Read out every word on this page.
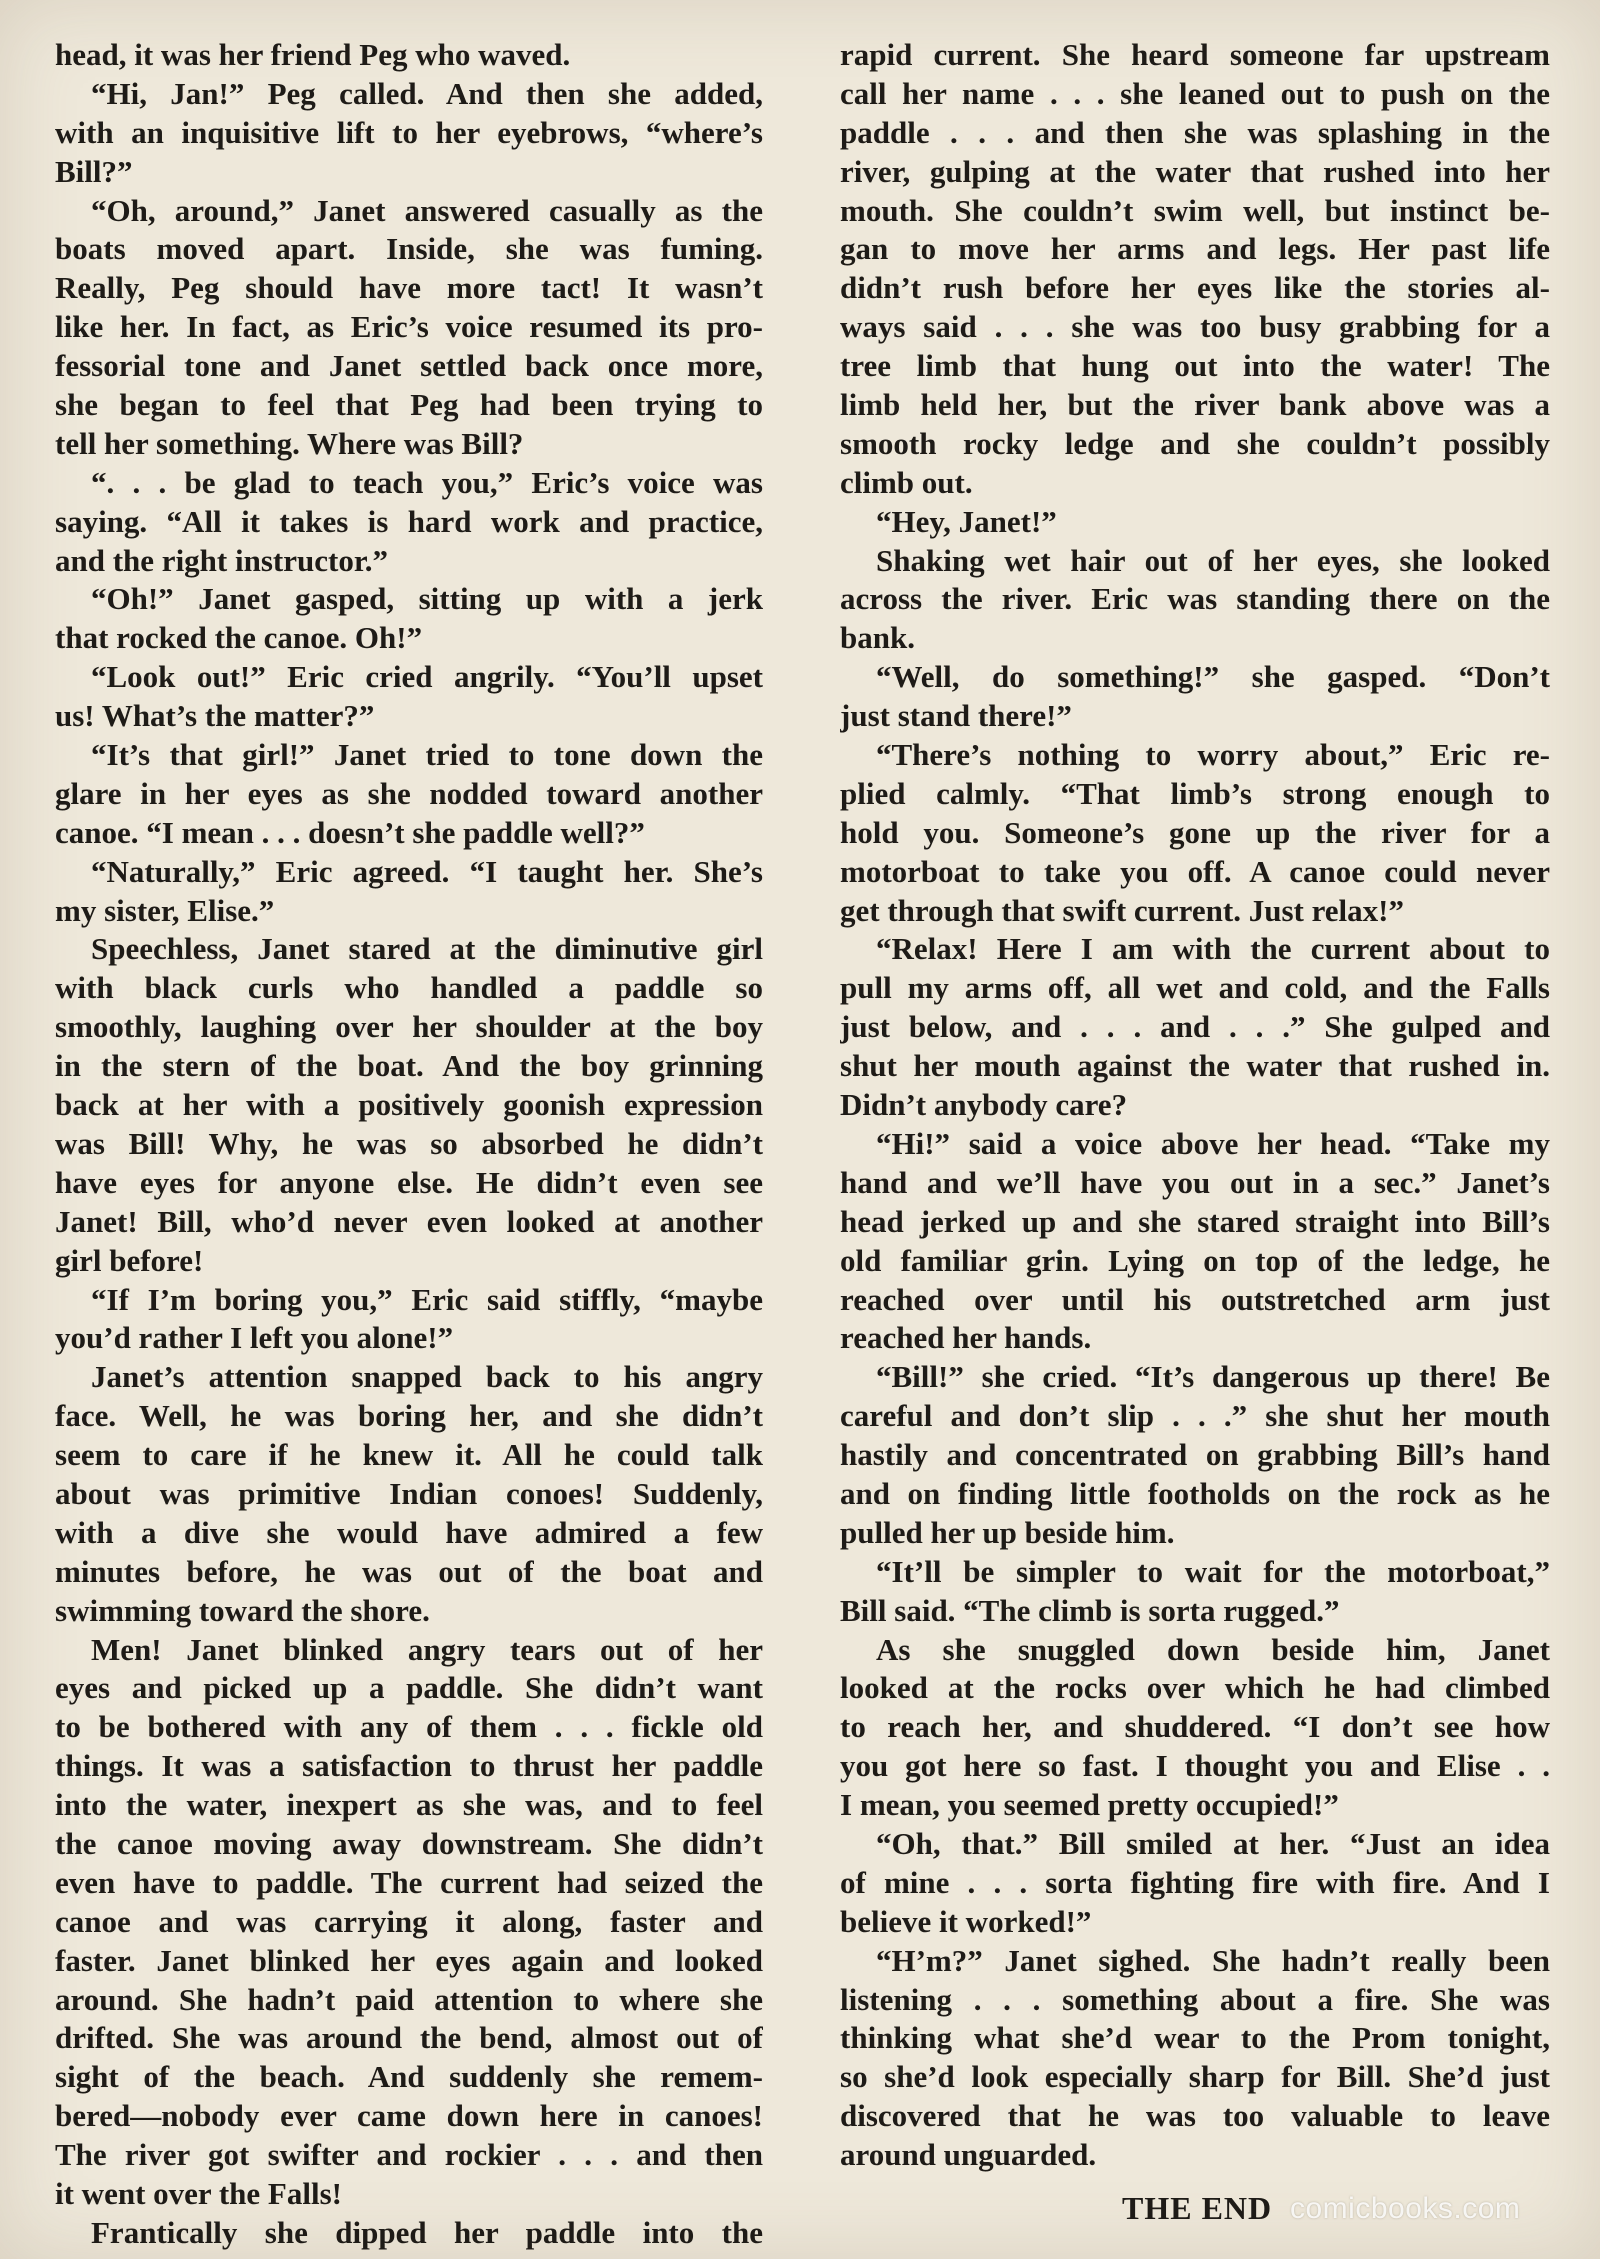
head, it was her friend Peg who waved.
“Hi, Jan!” Peg called. And then she added,
with an inquisitive lift to her eyebrows, “where’s
Bill?”
“Oh, around,” Janet answered casually as the
boats moved apart. Inside, she was fuming.
Really, Peg should have more tact! It wasn’t
like her. In fact, as Eric’s voice resumed its pro-
fessorial tone and Janet settled back once more,
she began to feel that Peg had been trying to
tell her something. Where was Bill?
“. . . be glad to teach you,” Eric’s voice was
saying. “All it takes is hard work and practice,
and the right instructor.”
“Oh!” Janet gasped, sitting up with a jerk
that rocked the canoe. Oh!”
“Look out!” Eric cried angrily. “You’ll upset
us! What’s the matter?”
“It’s that girl!” Janet tried to tone down the
glare in her eyes as she nodded toward another
canoe. “I mean . . . doesn’t she paddle well?”
“Naturally,” Eric agreed. “I taught her. She’s
my sister, Elise.”
Speechless, Janet stared at the diminutive girl
with black curls who handled a paddle so
smoothly, laughing over her shoulder at the boy
in the stern of the boat. And the boy grinning
back at her with a positively goonish expression
was Bill! Why, he was so absorbed he didn’t
have eyes for anyone else. He didn’t even see
Janet! Bill, who’d never even looked at another
girl before!
“If I’m boring you,” Eric said stiffly, “maybe
you’d rather I left you alone!”
Janet’s attention snapped back to his angry
face. Well, he was boring her, and she didn’t
seem to care if he knew it. All he could talk
about was primitive Indian conoes! Suddenly,
with a dive she would have admired a few
minutes before, he was out of the boat and
swimming toward the shore.
Men! Janet blinked angry tears out of her
eyes and picked up a paddle. She didn’t want
to be bothered with any of them . . . fickle old
things. It was a satisfaction to thrust her paddle
into the water, inexpert as she was, and to feel
the canoe moving away downstream. She didn’t
even have to paddle. The current had seized the
canoe and was carrying it along, faster and
faster. Janet blinked her eyes again and looked
around. She hadn’t paid attention to where she
drifted. She was around the bend, almost out of
sight of the beach. And suddenly she remem-
bered—nobody ever came down here in canoes!
The river got swifter and rockier . . . and then
it went over the Falls!
Frantically she dipped her paddle into the
rapid current. She heard someone far upstream
call her name . . . she leaned out to push on the
paddle . . . and then she was splashing in the
river, gulping at the water that rushed into her
mouth. She couldn’t swim well, but instinct be-
gan to move her arms and legs. Her past life
didn’t rush before her eyes like the stories al-
ways said . . . she was too busy grabbing for a
tree limb that hung out into the water! The
limb held her, but the river bank above was a
smooth rocky ledge and she couldn’t possibly
climb out.
“Hey, Janet!”
Shaking wet hair out of her eyes, she looked
across the river. Eric was standing there on the
bank.
“Well, do something!” she gasped. “Don’t
just stand there!”
“There’s nothing to worry about,” Eric re-
plied calmly. “That limb’s strong enough to
hold you. Someone’s gone up the river for a
motorboat to take you off. A canoe could never
get through that swift current. Just relax!”
“Relax! Here I am with the current about to
pull my arms off, all wet and cold, and the Falls
just below, and . . . and . . .” She gulped and
shut her mouth against the water that rushed in.
Didn’t anybody care?
“Hi!” said a voice above her head. “Take my
hand and we’ll have you out in a sec.” Janet’s
head jerked up and she stared straight into Bill’s
old familiar grin. Lying on top of the ledge, he
reached over until his outstretched arm just
reached her hands.
“Bill!” she cried. “It’s dangerous up there! Be
careful and don’t slip . . .” she shut her mouth
hastily and concentrated on grabbing Bill’s hand
and on finding little footholds on the rock as he
pulled her up beside him.
“It’ll be simpler to wait for the motorboat,”
Bill said. “The climb is sorta rugged.”
As she snuggled down beside him, Janet
looked at the rocks over which he had climbed
to reach her, and shuddered. “I don’t see how
you got here so fast. I thought you and Elise . .
I mean, you seemed pretty occupied!”
“Oh, that.” Bill smiled at her. “Just an idea
of mine . . . sorta fighting fire with fire. And I
believe it worked!”
“H’m?” Janet sighed. She hadn’t really been
listening . . . something about a fire. She was
thinking what she’d wear to the Prom tonight,
so she’d look especially sharp for Bill. She’d just
discovered that he was too valuable to leave
around unguarded.
THE END comicbooks.com
